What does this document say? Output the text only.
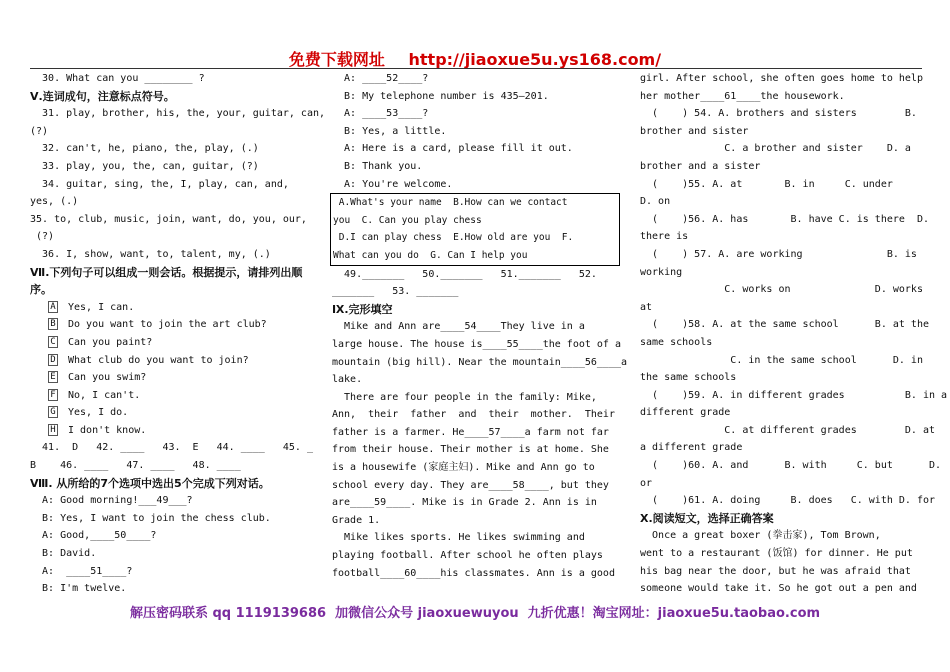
免费下载网址 http://jiaoxue5u.ys168.com/
30. What can you ________ ?
Ⅴ.连词成句，注意标点符号。
31. play, brother, his, the, your, guitar, can,
(?)
32. can't, he, piano, the, play, (.)
33. play, you, the, can, guitar, (?)
34. guitar, sing, the, I, play, can, and,
yes, (.)
35. to, club, music, join, want, do, you, our,
(?)
36. I, show, want, to, talent, my, (.)
Ⅶ.下列句子可以组成一则会话。根据提示，请排列出顺
序。
A Yes, I can.
B Do you want to join the art club?
C Can you paint?
D What club do you want to join?
E Can you swim?
F No, I can't.
G Yes, I do.
H I don't know.
41.  D   42. ____   43.  E   44. ____   45. _
B    46. ____   47. ____   48. ____
Ⅷ. 从所给的7个选项中选出5个完成下列对话。
A: Good morning!___49___?
B: Yes, I want to join the chess club.
A: Good,____50____?
B: David.
A:  ____51____?
B: I'm twelve.
A: ____52____?
B: My telephone number is 435—201.
A: ____53____?
B: Yes, a little.
A: Here is a card, please fill it out.
B: Thank you.
A: You're welcome.
A.What's your name  B.How can we contact
you  C. Can you play chess
D.I can play chess  E.How old are you  F.
What can you do  G. Can I help you
49._______   50._______   51._______   52.
_______   53. _______
Ⅸ.完形填空
Mike and Ann are____54____They live in a
large house. The house is____55____the foot of a
mountain (big hill). Near the mountain____56____a
lake.
There are four people in the family: Mike,
Ann,  their  father  and  their  mother.  Their
father is a farmer. He____57____a farm not far
from their house. Their mother is at home. She
is a housewife (家庭主妇). Mike and Ann go to
school every day. They are____58____, but they
are____59____. Mike is in Grade 2. Ann is in
Grade 1.
Mike likes sports. He likes swimming and
playing football. After school he often plays
football____60____his classmates. Ann is a good
girl. After school, she often goes home to help
her mother____61____the housework.
(    ) 54. A. brothers and sisters        B.
brother and sister
C. a brother and sister    D. a
brother and a sister
(    )55. A. at       B. in     C. under
D. on
(    )56. A. has       B. have C. is there  D.
there is
(    ) 57. A. are working              B. is
working
C. works on              D. works
at
(    )58. A. at the same school      B. at the
same schools
C. in the same school      D. in
the same schools
(    )59. A. in different grades          B. in a
different grade
C. at different grades        D. at
a different grade
(    )60. A. and      B. with     C. but      D.
or
(    )61. A. doing     B. does   C. with D. for
Ⅹ.阅读短文，选择正确答案
Once a great boxer (拳击家), Tom Brown,
went to a restaurant (饭馆) for dinner. He put
his bag near the door, but he was afraid that
someone would take it. So he got out a pen and
解压密码联系 qq 1119139686  加微信公众号 jiaoxuewuyou  九折优惠！淘宝网址：jiaoxue5u.taobao.com
